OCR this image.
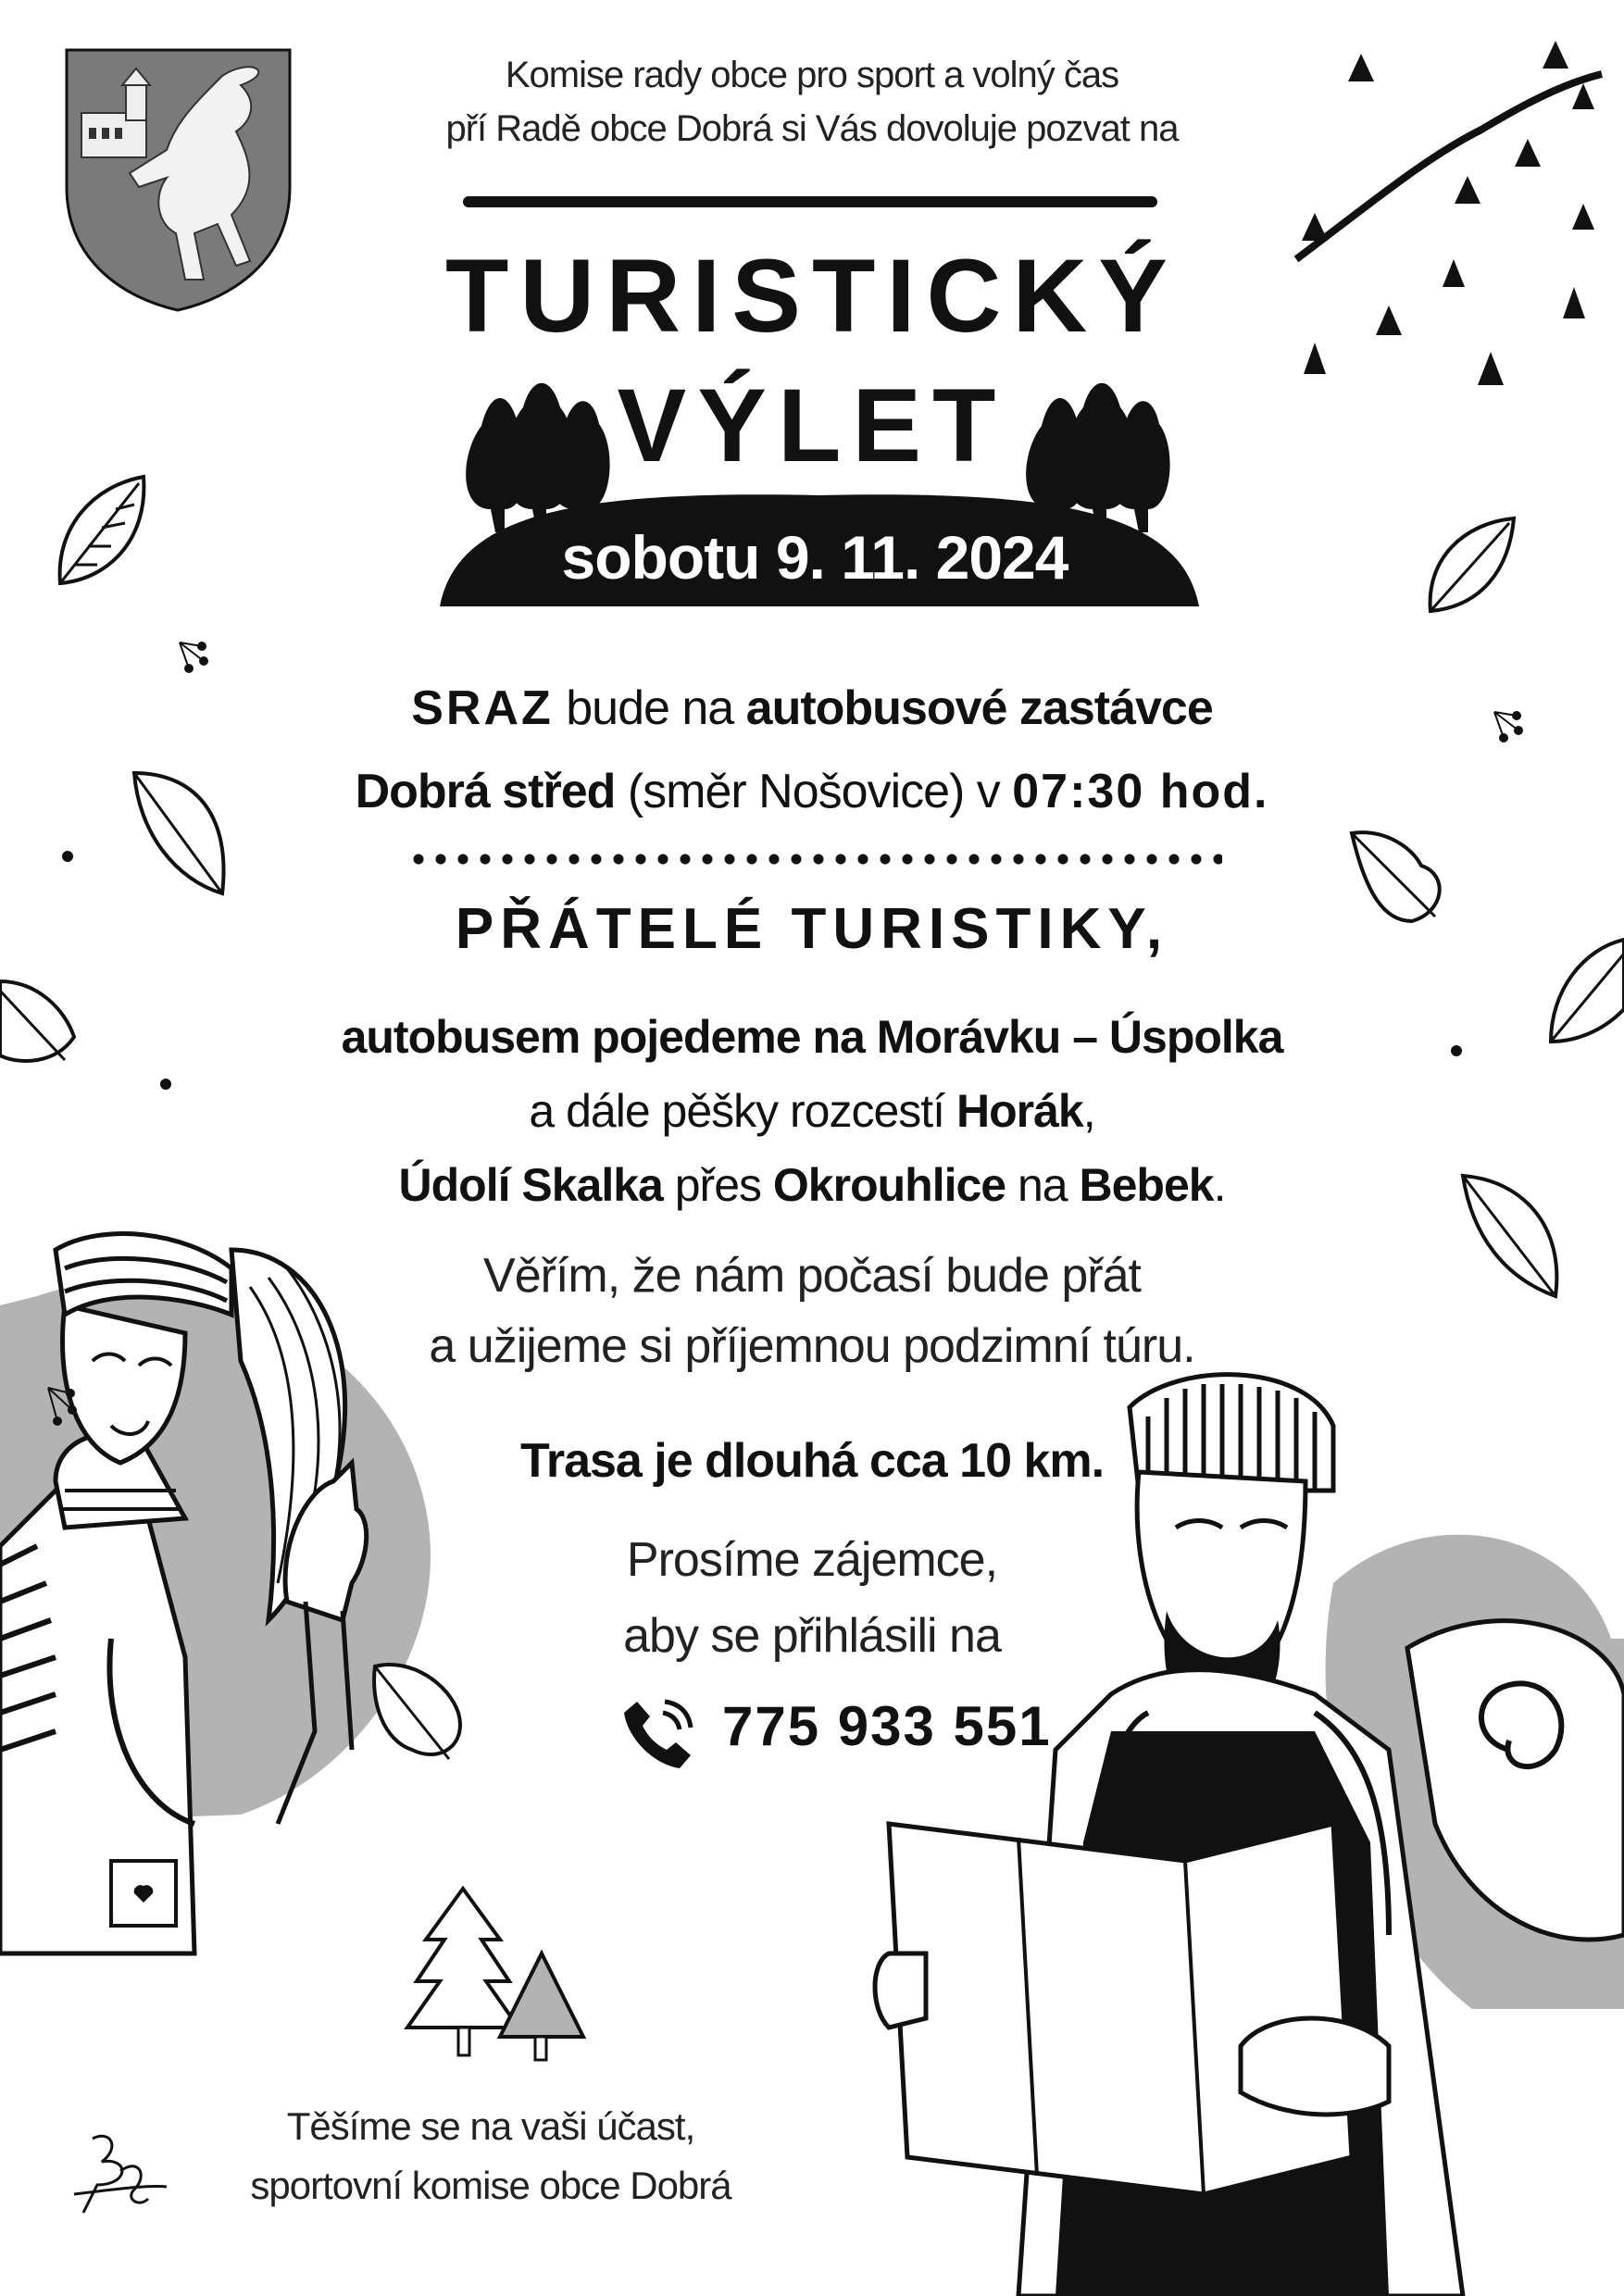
Komise rady obce pro sport a volný čas
pří Radě obce Dobrá si Vás dovoluje pozvat na
TURISTICKÝ
VÝLET
sobotu 9. 11. 2024
SRAZ bude na autobusové zastávce
Dobrá střed (směr Nošovice) v 07:30 hod.
PŘÁTELÉ TURISTIKY,
autobusem pojedeme na Morávku – Úspolka
a dále pěšky rozcestí Horák,
Údolí Skalka přes Okrouhlice na Bebek.
Věřím, že nám počasí bude přát
a užijeme si příjemnou podzimní túru.
Trasa je dlouhá cca 10 km.
Prosíme zájemce,
aby se přihlásili na
775 933 551
Těšíme se na vaši účast,
sportovní komise obce Dobrá
